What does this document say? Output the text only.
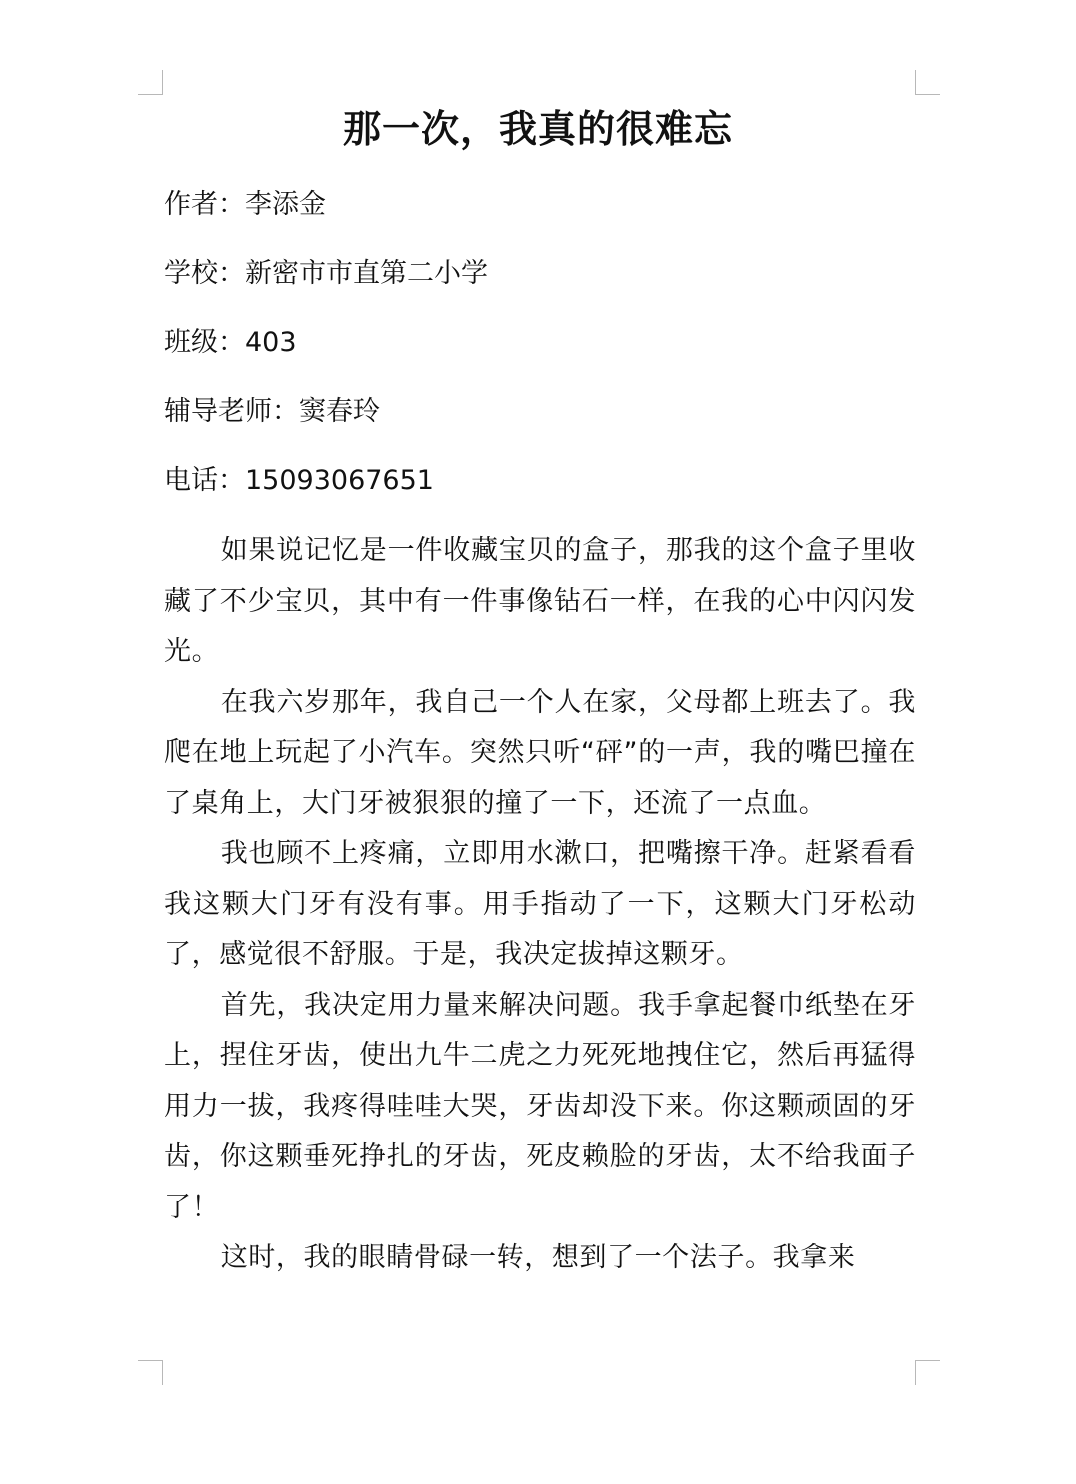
那一次，我真的很难忘
作者：李添金
学校：新密市市直第二小学
班级：403
辅导老师：窦春玲
电话：15093067651

如果说记忆是一件收藏宝贝的盒子，那我的这个盒子里收藏了不少宝贝，其中有一件事像钻石一样，在我的心中闪闪发光。

在我六岁那年，我自己一个人在家，父母都上班去了。我爬在地上玩起了小汽车。突然只听“砰”的一声，我的嘴巴撞在了桌角上，大门牙被狠狠的撞了一下，还流了一点血。

我也顾不上疼痛，立即用水漱口，把嘴擦干净。赶紧看看我这颗大门牙有没有事。用手指动了一下，这颗大门牙松动了，感觉很不舒服。于是，我决定拔掉这颗牙。

首先，我决定用力量来解决问题。我手拿起餐巾纸垫在牙上，捏住牙齿，使出九牛二虎之力死死地拽住它，然后再猛得用力一拔，我疼得哇哇大哭，牙齿却没下来。你这颗顽固的牙齿，你这颗垂死挣扎的牙齿，死皮赖脸的牙齿，太不给我面子了！

这时，我的眼睛骨碌一转，想到了一个法子。我拿来
